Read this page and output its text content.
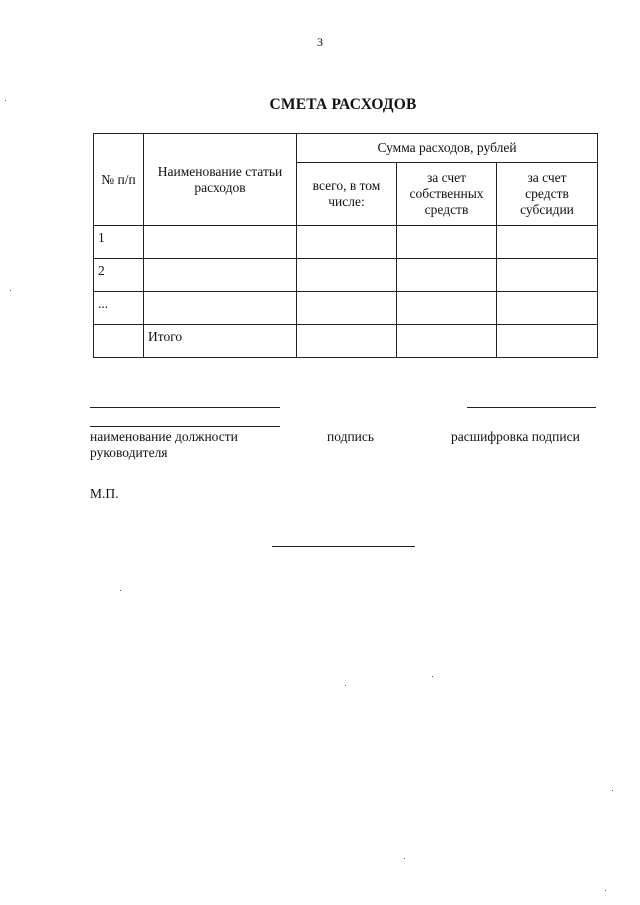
3
СМЕТА РАСХОДОВ
№ п/п	Наименование статьи расходов	Сумма расходов, рублей		
		всего, в том числе:	за счет собственных средств	за счет средств субсидии
1				
2				
...				
	Итого			
наименование должности руководителя
подпись	расшифровка подписи
М.П.
